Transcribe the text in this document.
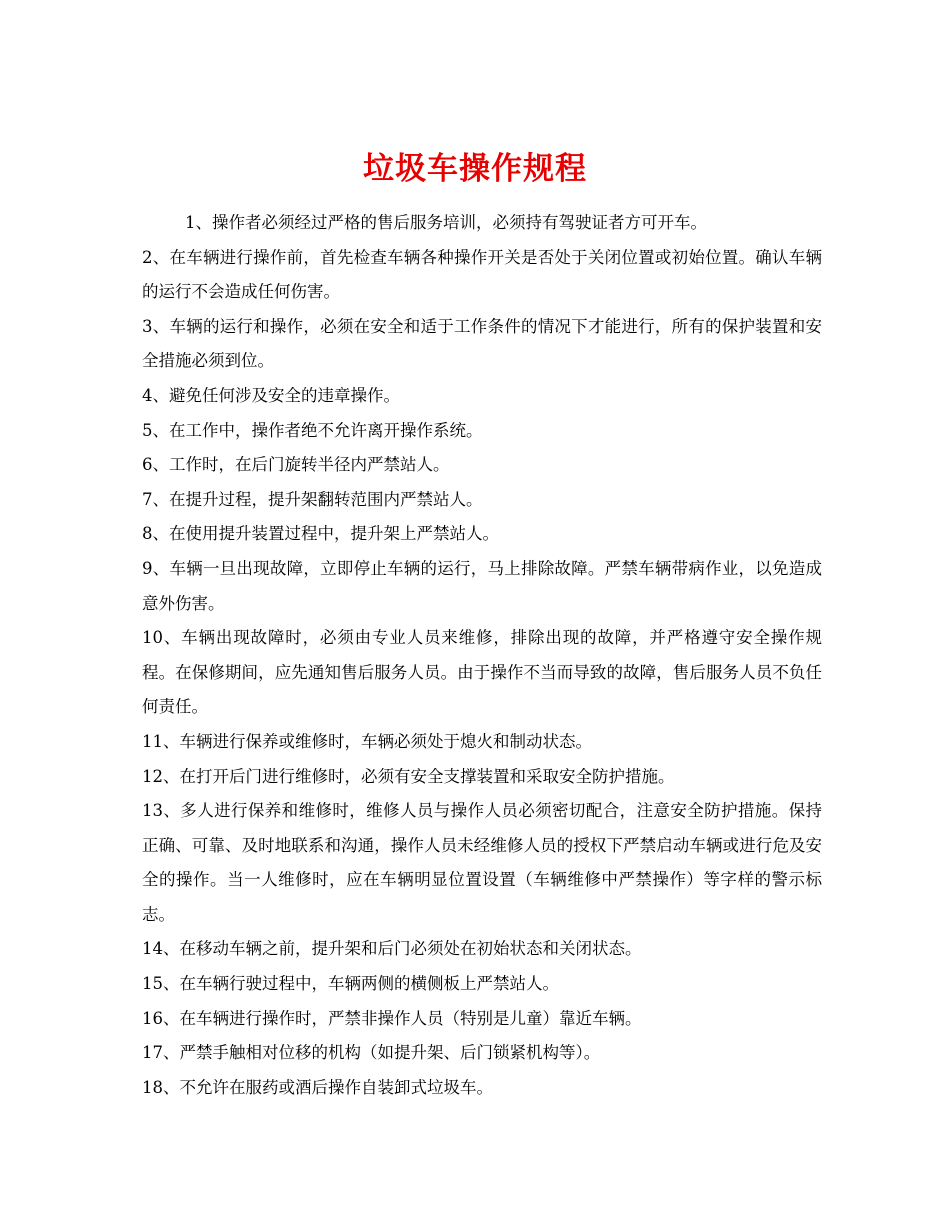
垃圾车操作规程

1、操作者必须经过严格的售后服务培训，必须持有驾驶证者方可开车。

2、在车辆进行操作前，首先检查车辆各种操作开关是否处于关闭位置或初始位置。确认车辆的运行不会造成任何伤害。

3、车辆的运行和操作，必须在安全和适于工作条件的情况下才能进行，所有的保护装置和安全措施必须到位。

4、避免任何涉及安全的违章操作。

5、在工作中，操作者绝不允许离开操作系统。

6、工作时，在后门旋转半径内严禁站人。

7、在提升过程，提升架翻转范围内严禁站人。

8、在使用提升装置过程中，提升架上严禁站人。

9、车辆一旦出现故障，立即停止车辆的运行，马上排除故障。严禁车辆带病作业，以免造成意外伤害。

10、车辆出现故障时，必须由专业人员来维修，排除出现的故障，并严格遵守安全操作规程。在保修期间，应先通知售后服务人员。由于操作不当而导致的故障，售后服务人员不负任何责任。

11、车辆进行保养或维修时，车辆必须处于熄火和制动状态。

12、在打开后门进行维修时，必须有安全支撑装置和采取安全防护措施。

13、多人进行保养和维修时，维修人员与操作人员必须密切配合，注意安全防护措施。保持正确、可靠、及时地联系和沟通，操作人员未经维修人员的授权下严禁启动车辆或进行危及安全的操作。当一人维修时，应在车辆明显位置设置（车辆维修中严禁操作）等字样的警示标志。

14、在移动车辆之前，提升架和后门必须处在初始状态和关闭状态。

15、在车辆行驶过程中，车辆两侧的横侧板上严禁站人。

16、在车辆进行操作时，严禁非操作人员（特别是儿童）靠近车辆。

17、严禁手触相对位移的机构（如提升架、后门锁紧机构等）。

18、不允许在服药或酒后操作自装卸式垃圾车。
